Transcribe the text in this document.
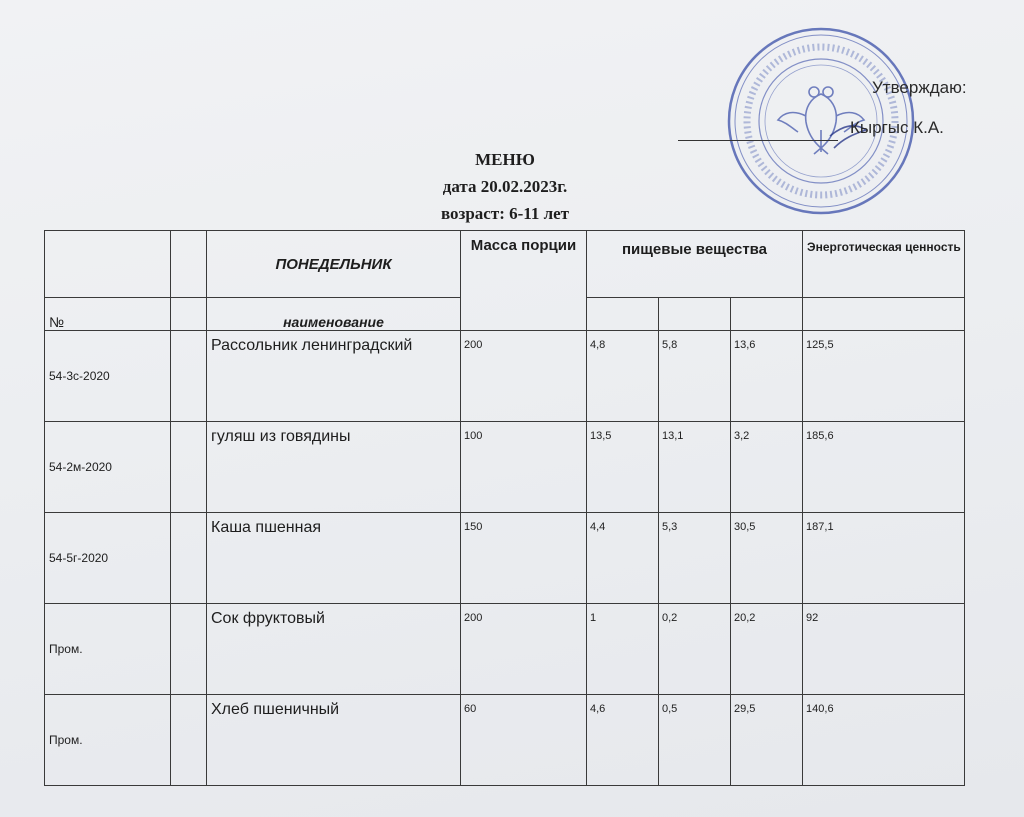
Утверждаю:
Кыргыс К.А.
МЕНЮ
дата 20.02.2023г.
возраст: 6-11 лет
		ПОНЕДЕЛЬНИК	Масса порции	пищевые вещества			Энерготическая ценность
№		наименование					
54-3с-2020		Рассольник ленинградский	200	4,8	5,8	13,6	125,5
54-2м-2020		гуляш из говядины	100	13,5	13,1	3,2	185,6
54-5г-2020		Каша пшенная	150	4,4	5,3	30,5	187,1
Пром.		Сок фруктовый	200	1	0,2	20,2	92
Пром.		Хлеб пшеничный	60	4,6	0,5	29,5	140,6
